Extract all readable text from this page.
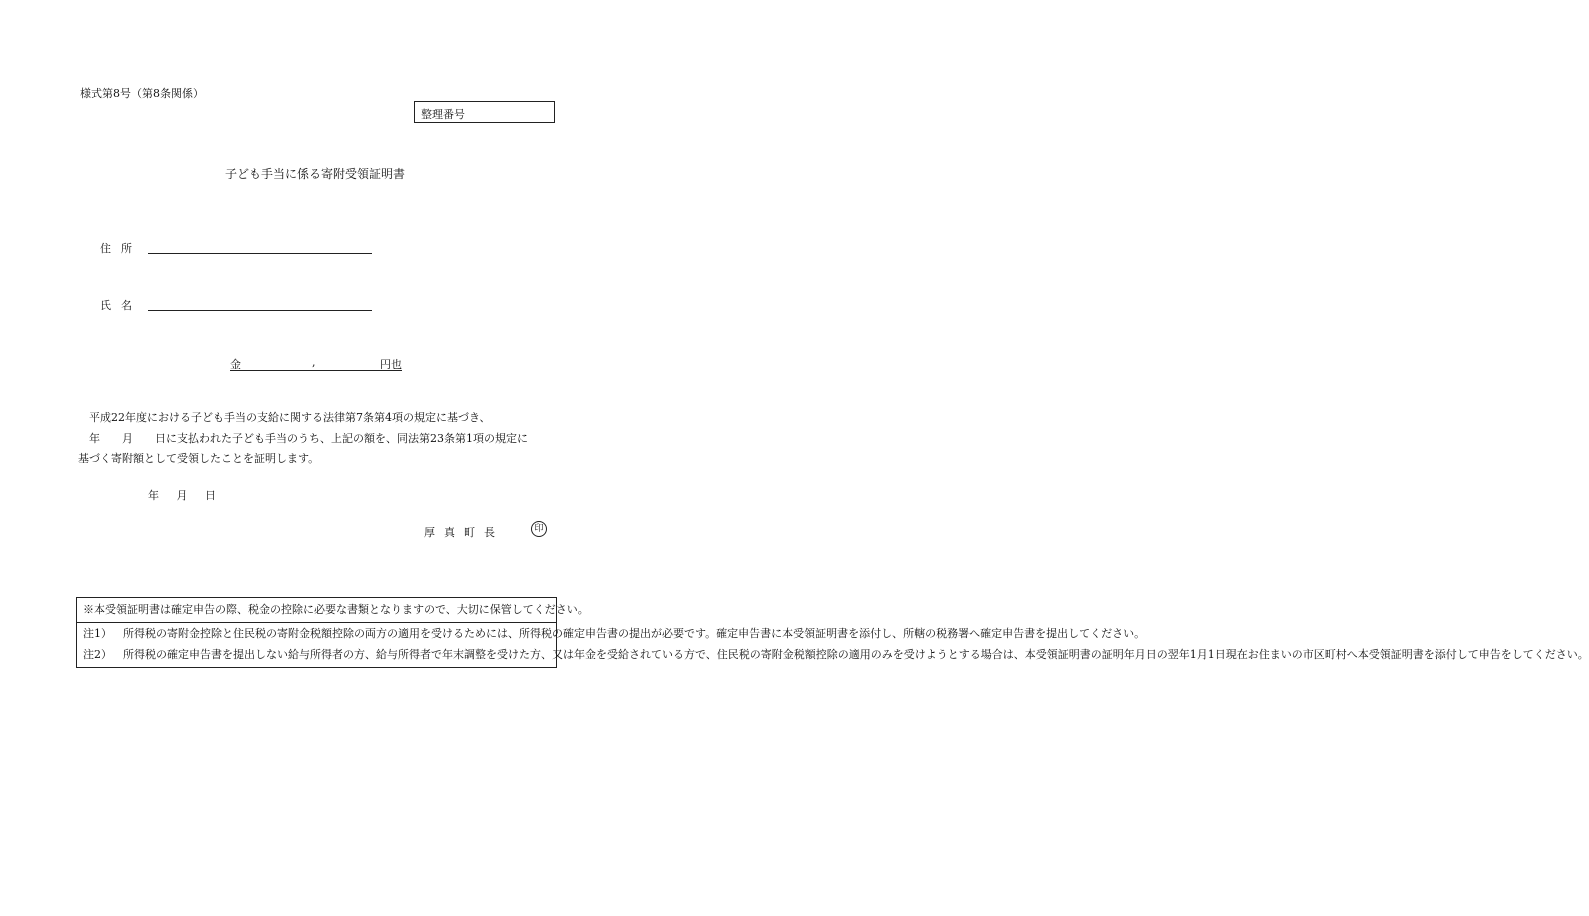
様式第8号（第8条関係）
整理番号
子ども手当に係る寄附受領証明書
住所
氏名
金	,	円也

平成22年度における子ども手当の支給に関する法律第7条第4項の規定に基づき、

年　　月　　日に支払われた子ども手当のうち、上記の額を、同法第23条第1項の規定に

基づく寄附額として受領したことを証明します。

年 月 日
厚真町長	印
※本受領証明書は確定申告の際、税金の控除に必要な書類となりますので、大切に保管してください。
注1）	所得税の寄附金控除と住民税の寄附金税額控除の両方の適用を受けるためには、所得税の確定申告書の提出が必要です。確定申告書に本受領証明書を添付し、所轄の税務署へ確定申告書を提出してください。
注2）	所得税の確定申告書を提出しない給与所得者の方、給与所得者で年末調整を受けた方、又は年金を受給されている方で、住民税の寄附金税額控除の適用のみを受けようとする場合は、本受領証明書の証明年月日の翌年1月1日現在お住まいの市区町村へ本受領証明書を添付して申告をしてください。
